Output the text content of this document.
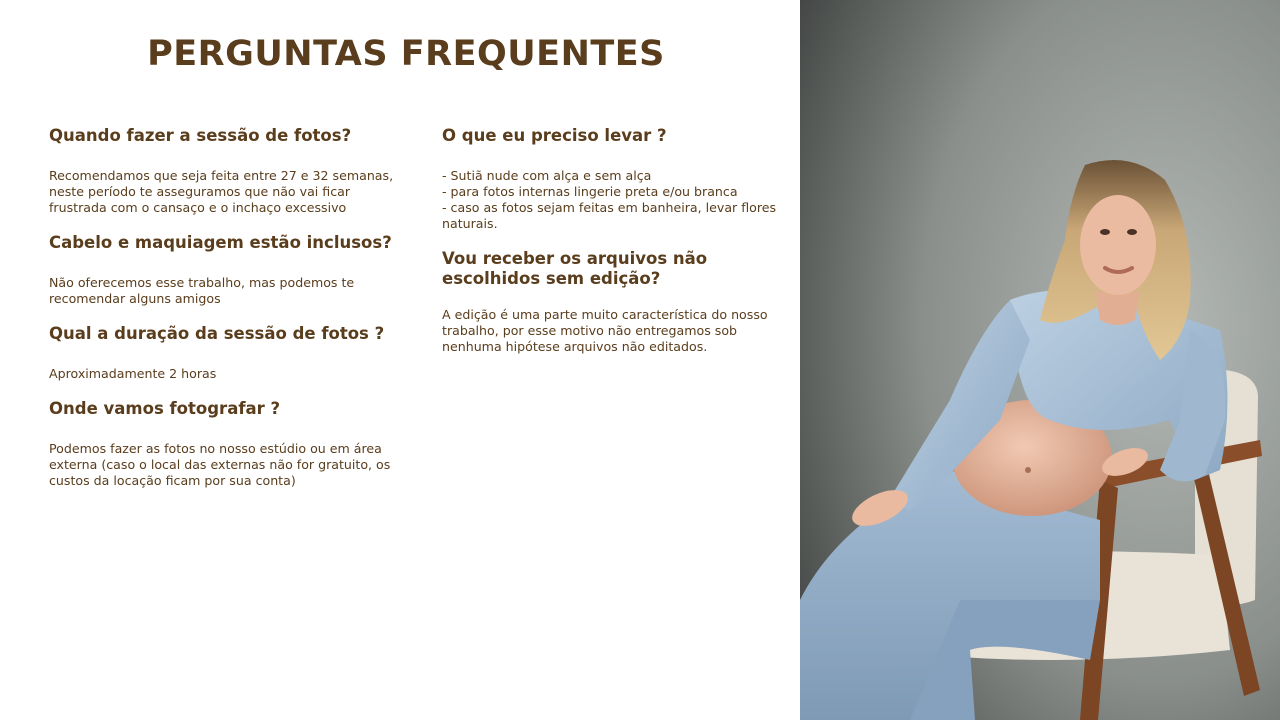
PERGUNTAS FREQUENTES

Quando fazer a sessão de fotos?

Recomendamos que seja feita entre 27 e 32 semanas, neste período te asseguramos que não vai ficar frustrada com o cansaço e o inchaço excessivo

Cabelo e maquiagem estão inclusos?

Não oferecemos esse trabalho, mas podemos te recomendar alguns amigos

Qual a duração da sessão de fotos ?

Aproximadamente 2 horas

Onde vamos fotografar ?

Podemos fazer as fotos no nosso estúdio ou em área externa (caso o local das externas não for gratuito, os custos da locação ficam por sua conta)

O que eu preciso levar ?

- Sutiã nude com alça e sem alça
- para fotos internas lingerie preta e/ou branca
- caso as fotos sejam feitas em banheira, levar flores naturais.

Vou receber os arquivos não escolhidos sem edição?

A edição é uma parte muito característica do nosso trabalho, por esse motivo não entregamos sob nenhuma hipótese arquivos não editados.
